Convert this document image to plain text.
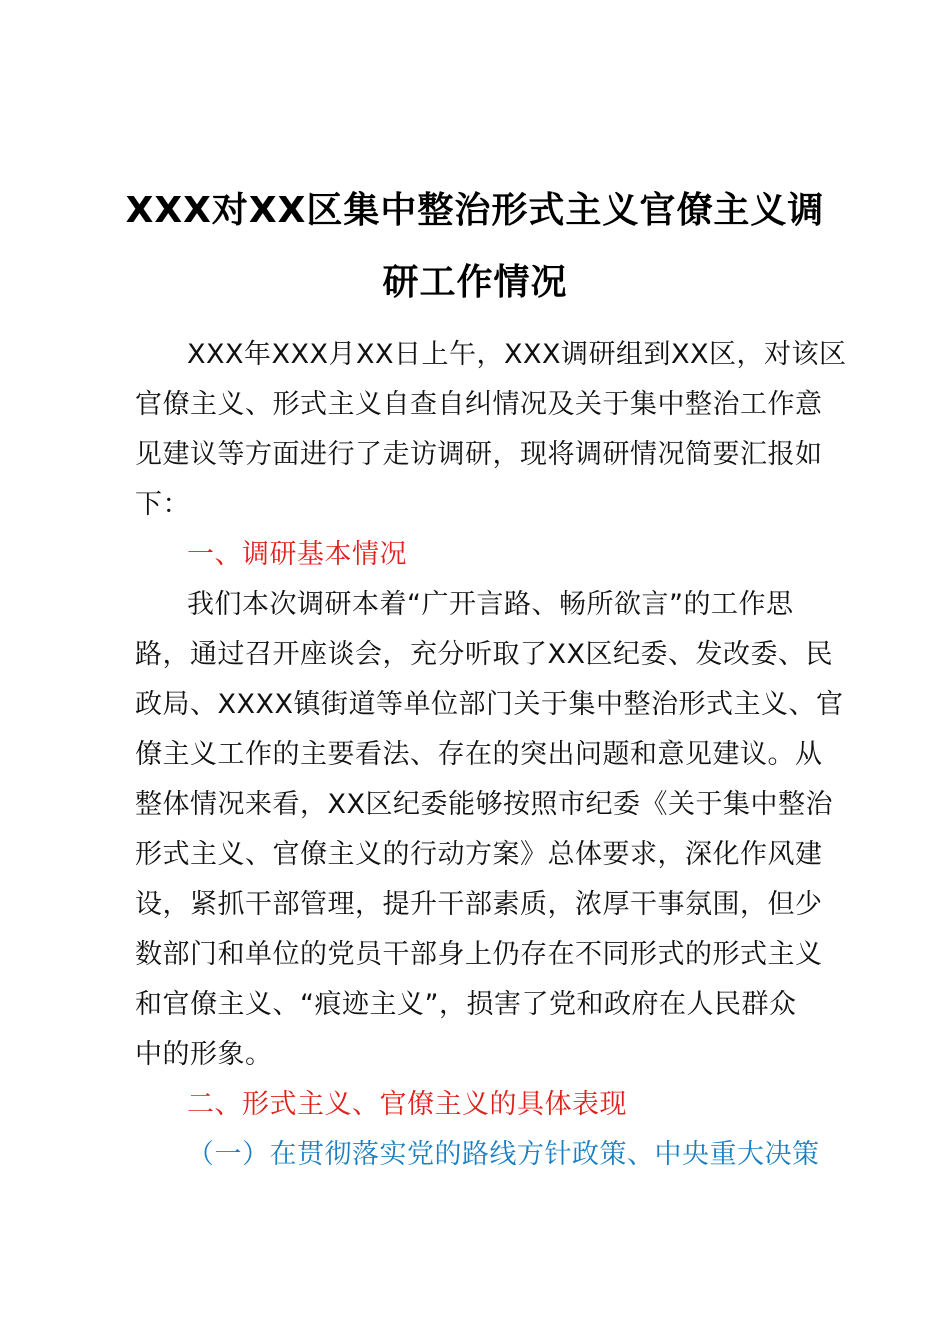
XXX对XX区集中整治形式主义官僚主义调
研工作情况
XXX年XXX月XX日上午，XXX调研组到XX区，对该区
官僚主义、形式主义自查自纠情况及关于集中整治工作意
见建议等方面进行了走访调研，现将调研情况简要汇报如
下：
一、调研基本情况
我们本次调研本着“广开言路、畅所欲言”的工作思
路，通过召开座谈会，充分听取了XX区纪委、发改委、民
政局、XXXX镇街道等单位部门关于集中整治形式主义、官
僚主义工作的主要看法、存在的突出问题和意见建议。从
整体情况来看，XX区纪委能够按照市纪委《关于集中整治
形式主义、官僚主义的行动方案》总体要求，深化作风建
设，紧抓干部管理，提升干部素质，浓厚干事氛围，但少
数部门和单位的党员干部身上仍存在不同形式的形式主义
和官僚主义、“痕迹主义”，损害了党和政府在人民群众
中的形象。
二、形式主义、官僚主义的具体表现
（一）在贯彻落实党的路线方针政策、中央重大决策
